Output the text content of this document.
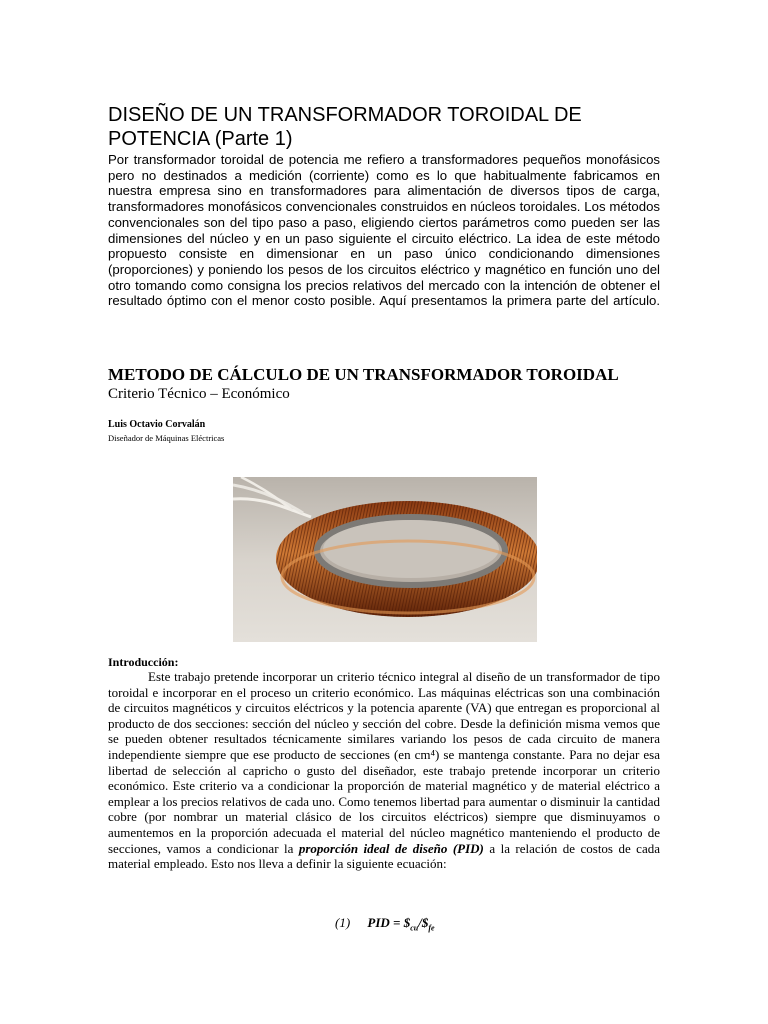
DISEÑO DE UN TRANSFORMADOR TOROIDAL DE POTENCIA (Parte 1)

Por transformador toroidal de potencia me refiero a transformadores pequeños monofásicos pero no destinados a medición (corriente) como es lo que habitualmente fabricamos en nuestra empresa sino en transformadores para alimentación de diversos tipos de carga, transformadores monofásicos convencionales construidos en núcleos toroidales. Los métodos convencionales son del tipo paso a paso, eligiendo ciertos parámetros como pueden ser las dimensiones del núcleo y en un paso siguiente el circuito eléctrico. La idea de este método propuesto consiste en dimensionar en un paso único condicionando dimensiones (proporciones) y poniendo los pesos de los circuitos eléctrico y magnético en función uno del otro tomando como consigna los precios relativos del mercado con la intención de obtener el resultado óptimo con el menor costo posible. Aquí presentamos la primera parte del artículo.

METODO DE CÁLCULO DE UN TRANSFORMADOR TOROIDAL
Criterio Técnico – Económico
Luis Octavio Corvalán
Diseñador de Máquinas Eléctricas
Introducción:

Este trabajo pretende incorporar un criterio técnico integral al diseño de un transformador de tipo toroidal e incorporar en el proceso un criterio económico. Las máquinas eléctricas son una combinación de circuitos magnéticos y circuitos eléctricos y la potencia aparente (VA) que entregan es proporcional al producto de dos secciones: sección del núcleo y sección del cobre. Desde la definición misma vemos que se pueden obtener resultados técnicamente similares variando los pesos de cada circuito de manera independiente siempre que ese producto de secciones (en cm⁴) se mantenga constante. Para no dejar esa libertad de selección al capricho o gusto del diseñador, este trabajo pretende incorporar un criterio económico. Este criterio va a condicionar la proporción de material magnético y de material eléctrico a emplear a los precios relativos de cada uno. Como tenemos libertad para aumentar o disminuir la cantidad cobre (por nombrar un material clásico de los circuitos eléctricos) siempre que disminuyamos o aumentemos en la proporción adecuada el material del núcleo magnético manteniendo el producto de secciones, vamos a condicionar la proporción ideal de diseño (PID) a la relación de costos de cada material empleado. Esto nos lleva a definir la siguiente ecuación:

(1) PID = $\$_{cu}/\$_{fe}$
